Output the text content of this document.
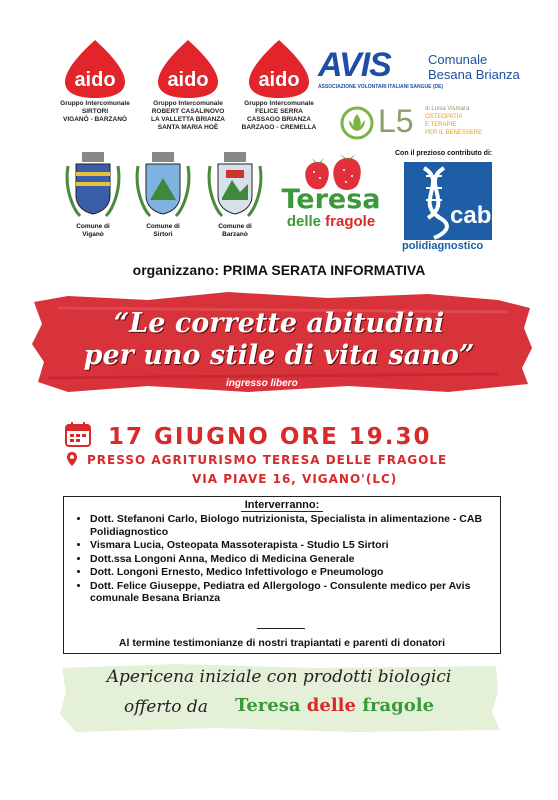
aido	aido aido
Gruppo Intercomunale
SIRTORI
VIGANÒ - BARZANÒ
Gruppo Intercomunale
ROBERT CASALINOVO
LA VALLETTA BRIANZA
SANTA MARIA HOÈ
Gruppo Intercomunale
FELICE SERRA
CASSAGO BRIANZA
BARZAGO - CREMELLA
AVIS
ASSOCIAZIONE VOLONTARI ITALIANI SANGUE (DE)
Comunale
Besana Brianza
L5 di Lucia Vismara
OSTEOPATIA
E TERAPIE
PER IL BENESSERE
Comune di
Viganò
Comune di
Sirtori
Comune di
Barzanò
Teresa
delle fragole
Con il prezioso contributo di:
cab
polidiagnostico
organizzano: PRIMA SERATA INFORMATIVA
“Le corrette abitudini
per uno stile di vita sano”
ingresso libero
17 GIUGNO ORE 19.30
PRESSO AGRITURISMO TERESA DELLE FRAGOLE
VIA PIAVE 16, VIGANO'(LC)
Interverranno:
• Dott. Stefanoni Carlo, Biologo nutrizionista, Specialista in alimentazione - CAB Polidiagnostico
• Vismara Lucia, Osteopata Massoterapista - Studio L5 Sirtori
• Dott.ssa Longoni Anna, Medico di Medicina Generale
• Dott. Longoni Ernesto, Medico Infettivologo e Pneumologo
• Dott. Felice Giuseppe, Pediatra ed Allergologo - Consulente medico per Avis comunale Besana Brianza
Al termine testimonianze di nostri trapiantati e parenti di donatori
Apericena iniziale con prodotti biologici
offerto da Teresa delle fragole
